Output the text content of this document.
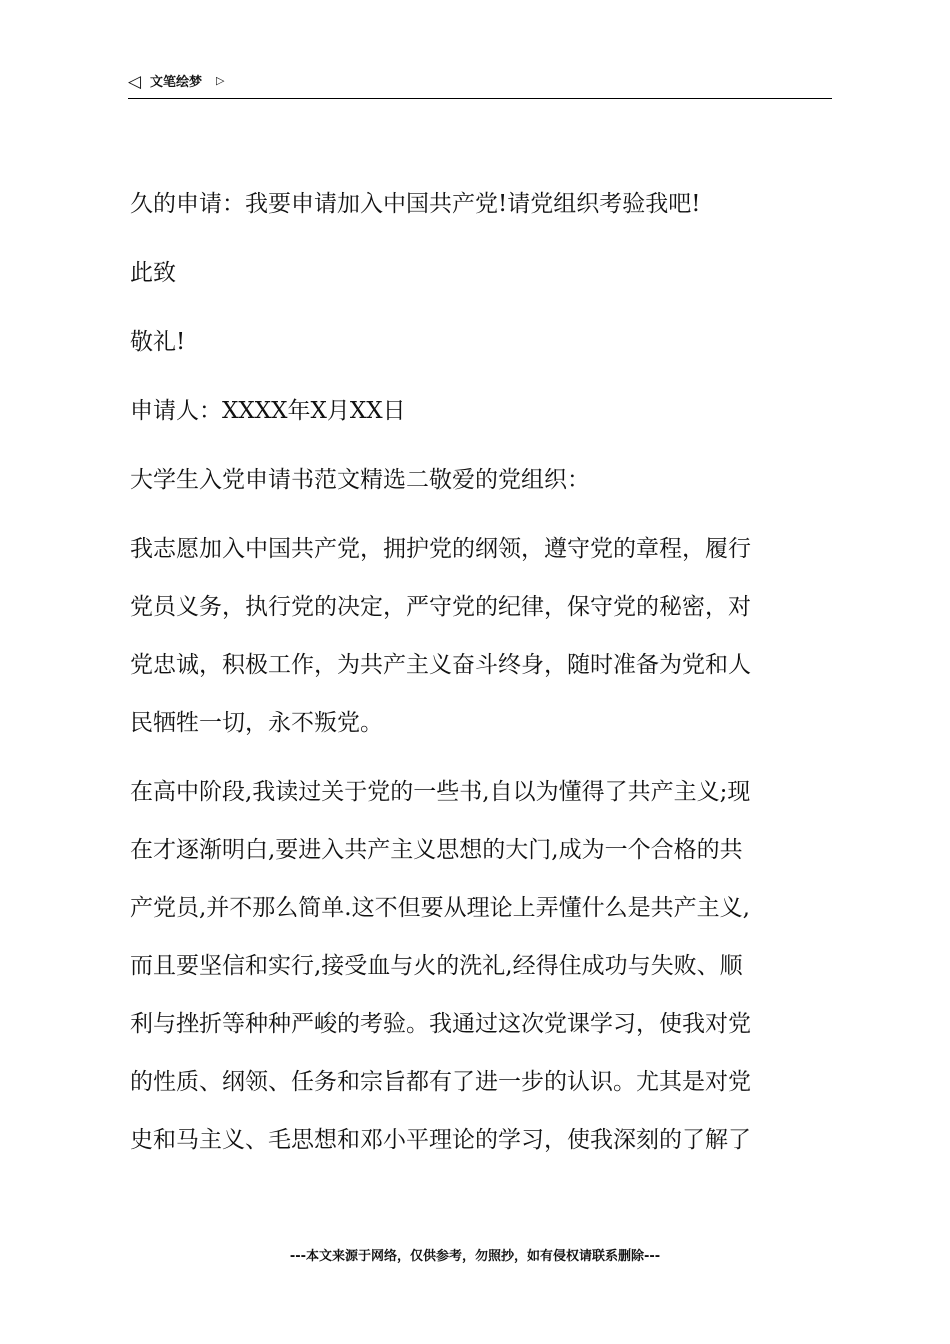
◁ 文笔绘梦 ▷
久的申请：我要申请加入中国共产党!请党组织考验我吧!
此致
敬礼!
申请人：XXXX年X月XX日
大学生入党申请书范文精选二敬爱的党组织：
我志愿加入中国共产党，拥护党的纲领，遵守党的章程，履行
党员义务，执行党的决定，严守党的纪律，保守党的秘密，对
党忠诚，积极工作，为共产主义奋斗终身，随时准备为党和人
民牺牲一切，永不叛党。
在高中阶段,我读过关于党的一些书,自以为懂得了共产主义;现
在才逐渐明白,要进入共产主义思想的大门,成为一个合格的共
产党员,并不那么简单.这不但要从理论上弄懂什么是共产主义,
而且要坚信和实行,接受血与火的洗礼,经得住成功与失败、顺
利与挫折等种种严峻的考验。我通过这次党课学习，使我对党
的性质、纲领、任务和宗旨都有了进一步的认识。尤其是对党
史和马主义、毛思想和邓小平理论的学习，使我深刻的了解了
---本文来源于网络，仅供参考，勿照抄，如有侵权请联系删除---
